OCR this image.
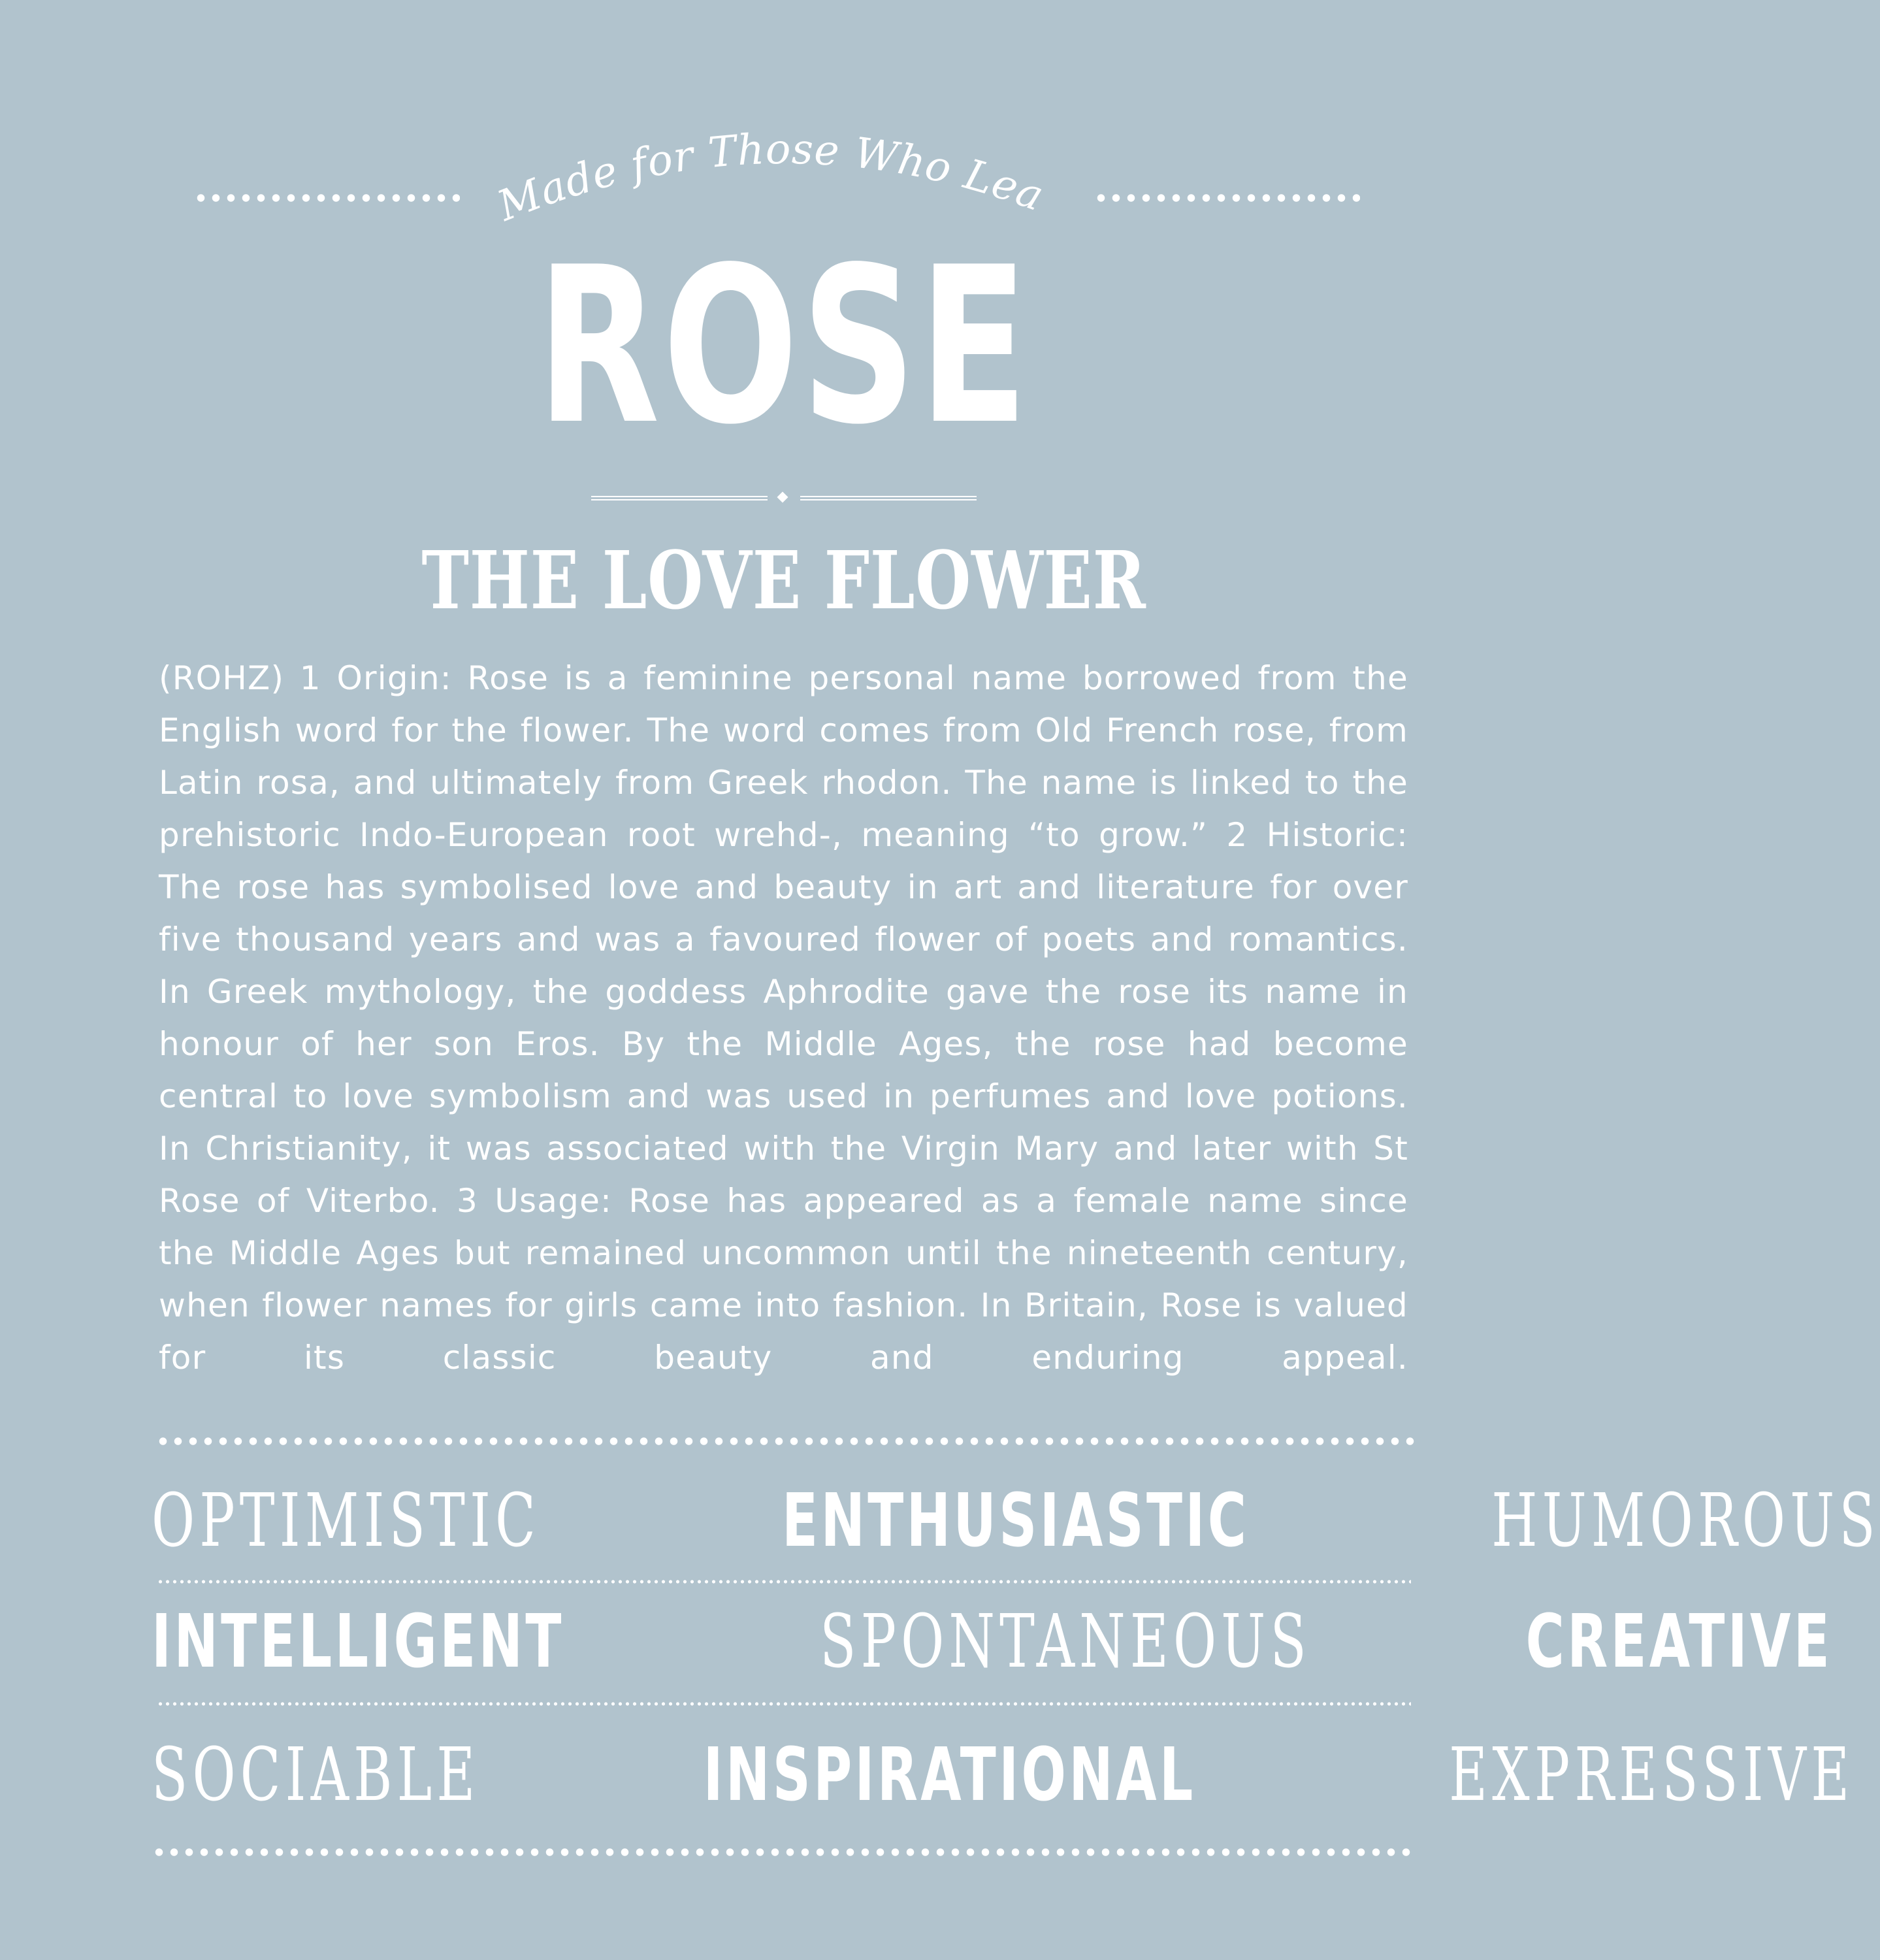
Made for Those Who Lead
ROSE
THE LOVE FLOWER

(ROHZ) 1 Origin: Rose is a feminine personal name borrowed from the English word for the flower. The word comes from Old French rose, from Latin rosa, and ultimately from Greek rhodon. The name is linked to the prehistoric Indo-European root wrehd-, meaning “to grow.” 2 Historic: The rose has symbolised love and beauty in art and literature for over five thousand years and was a favoured flower of poets and romantics. In Greek mythology, the goddess Aphrodite gave the rose its name in honour of her son Eros. By the Middle Ages, the rose had become central to love symbolism and was used in perfumes and love potions. In Christianity, it was associated with the Virgin Mary and later with St Rose of Viterbo. 3 Usage: Rose has appeared as a female name since the Middle Ages but remained uncommon until the nineteenth century, when flower names for girls came into fashion. In Britain, Rose is valued for its classic beauty and enduring appeal.

OPTIMISTIC	ENTHUSIASTIC	HUMOROUS
INTELLIGENT	SPONTANEOUS	CREATIVE
SOCIABLE	INSPIRATIONAL	EXPRESSIVE
